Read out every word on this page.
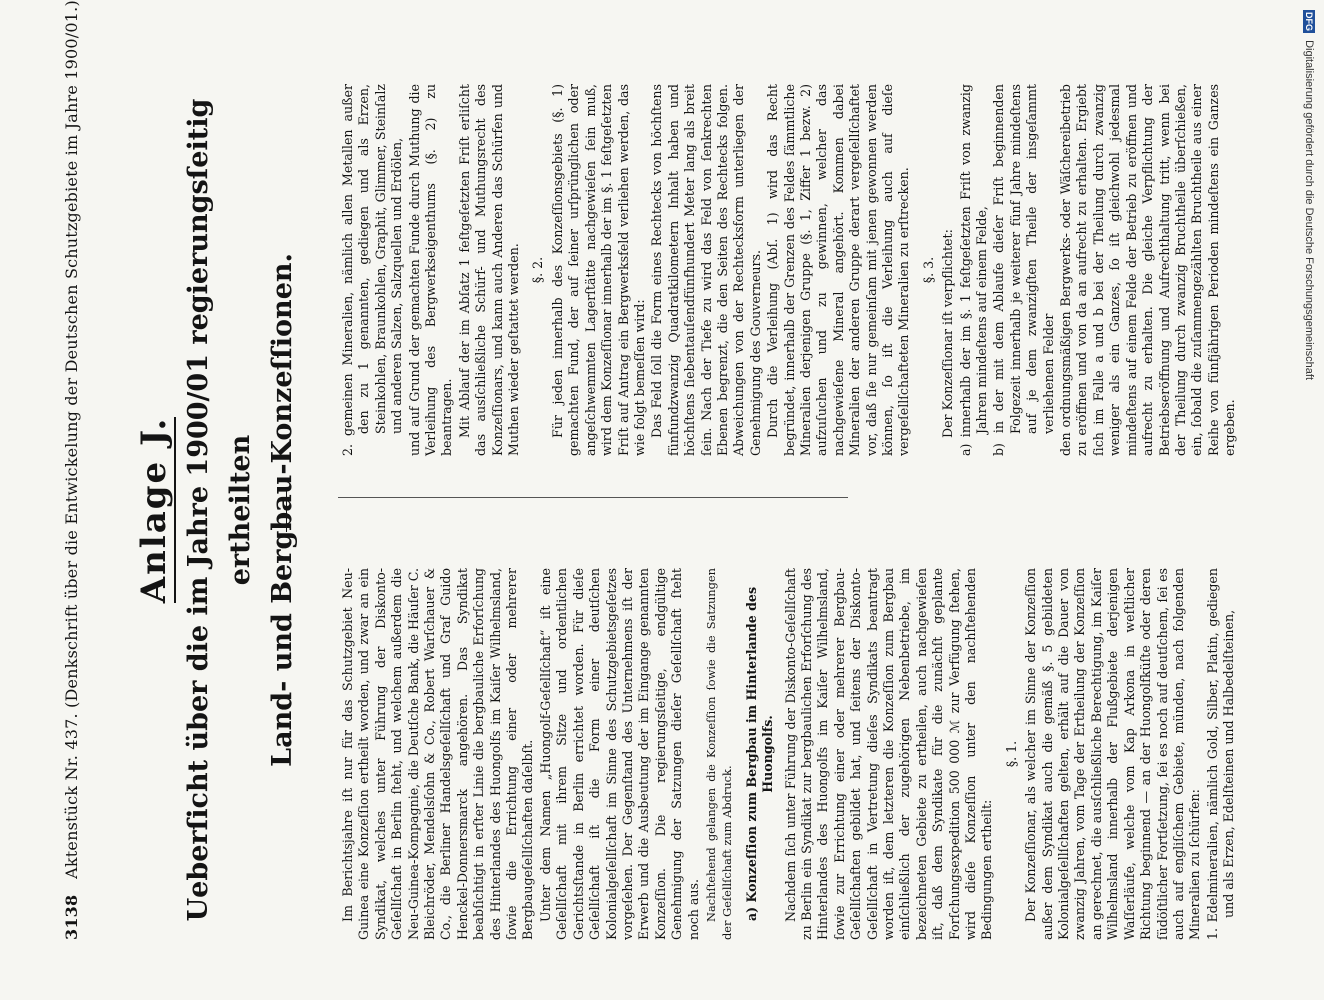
3138 Aktenstück Nr. 437. (Denkschrift über die Entwickelung der Deutschen Schutzgebiete im Jahre 1900/01.) Anlage J. Ueberſicht über die im Jahre 1900/01 regierungsſeitig ertheilten Land- und Bergbau-Konzeſſionen.	Im Berichtsjahre iſt nur für das Schutzgebiet Neu-Guinea eine Konzeſſion ertheilt worden, und zwar an ein Syndikat, welches unter Führung der Diskonto-Geſellſchaft in Berlin ſteht, und welchem außerdem die Neu-Guinea-Kompagnie, die Deutſche Bank, die Häuſer C. Bleichröder, Mendelsſohn & Co., Robert Warſchauer & Co., die Berliner Handelsgeſellſchaft und Graf Guido Henckel-Donnersmarck angehören. Das Syndikat beabſichtigt in erſter Linie die bergbauliche Erforſchung des Hinterlandes des Huongolfs im Kaiſer Wilhelmsland, ſowie die Errichtung einer oder mehrerer Bergbaugeſellſchaften daſelbſt. Unter dem Namen „Huongolf-Geſellſchaft“ iſt eine Geſellſchaft mit ihrem Sitze und ordentlichen Gerichtsſtande in Berlin errichtet worden. Für dieſe Geſellſchaft iſt die Form einer deutſchen Kolonialgeſellſchaft im Sinne des Schutzgebietsgeſetzes vorgeſehen. Der Gegenſtand des Unternehmens iſt der Erwerb und die Ausbeutung der im Eingange genannten Konzeſſion. Die regierungsſeitige, endgültige Genehmigung der Satzungen dieſer Geſellſchaft ſteht noch aus. Nachſtehend gelangen die Konzeſſion ſowie die Satzungen der Geſellſchaft zum Abdruck. a) Konzeſſion zum Bergbau im Hinterlande des Huongolfs. Nachdem ſich unter Führung der Diskonto-Geſellſchaft zu Berlin ein Syndikat zur bergbaulichen Erforſchung des Hinterlandes des Huongolfs im Kaiſer Wilhelmsland, ſowie zur Errichtung einer oder mehrerer Bergbau-Geſellſchaften gebildet hat, und ſeitens der Diskonto-Geſellſchaft in Vertretung dieſes Syndikats beantragt worden iſt, dem letzteren die Konzeſſion zum Bergbau einſchließlich der zugehörigen Nebenbetriebe, im bezeichneten Gebiete zu ertheilen, auch nachgewieſen iſt, daß dem Syndikate für die zunächſt geplante Forſchungsexpedition 500 000 ℳ zur Verfügung ſtehen, wird dieſe Konzeſſion unter den nachſtehenden Bedingungen ertheilt:

§. 1. Der Konzeſſionar, als welcher im Sinne der Konzeſſion außer dem Syndikat auch die gemäß §. 5 gebildeten Kolonialgeſellſchaften gelten, erhält auf die Dauer von zwanzig Jahren, vom Tage der Ertheilung der Konzeſſion an gerechnet, die ausſchließliche Berechtigung, im Kaiſer Wilhelmsland innerhalb der Flußgebiete derjenigen Waſſerläufe, welche vom Kap Arkona in weſtlicher Richtung beginnend — an der Huongolfküſte oder deren ſüdöſtlicher Fortſetzung, ſei es noch auf deutſchem, ſei es auch auf engliſchem Gebiete, münden, nach folgenden Mineralien zu ſchürfen: 1. Edelmineralien, nämlich Gold, Silber, Platin, gediegen und als Erzen, Edelſteinen und Halbedelſteinen,

2. gemeinen Mineralien, nämlich allen Metallen außer den zu 1 genannten, gediegen und als Erzen, Steinkohlen, Braunkohlen, Graphit, Glimmer, Steinſalz und anderen Salzen, Salzquellen und Erdölen, und auf Grund der gemachten Funde durch Muthung die Verleihung des Bergwerkseigenthums (§. 2) zu beantragen. Mit Ablauf der im Abſatz 1 feſtgeſetzten Friſt erliſcht das ausſchließliche Schürf- und Muthungsrecht des Konzeſſionars, und kann auch Anderen das Schürfen und Muthen wieder geſtattet werden. §. 2. Für jeden innerhalb des Konzeſſionsgebiets (§. 1) gemachten Fund, der auf ſeiner urſprünglichen oder angeſchwemmten Lagerſtätte nachgewieſen ſein muß, wird dem Konzeſſionar innerhalb der im §. 1 feſtgeſetzten Friſt auf Antrag ein Bergwerksfeld verliehen werden, das wie folgt bemeſſen wird: Das Feld ſoll die Form eines Rechtecks von höchſtens fünfundzwanzig Quadratkilometern Inhalt haben und höchſtens ſiebentauſendfünfhundert Meter lang als breit ſein. Nach der Tiefe zu wird das Feld von ſenkrechten Ebenen begrenzt, die den Seiten des Rechtecks folgen. Abweichungen von der Rechtecksform unterliegen der Genehmigung des Gouverneurs. Durch die Verleihung (Abſ. 1) wird das Recht begründet, innerhalb der Grenzen des Feldes ſämmtliche Mineralien derjenigen Gruppe (§. 1, Ziffer 1 bezw. 2) aufzuſuchen und zu gewinnen, welcher das nachgewieſene Mineral angehört. Kommen dabei Mineralien der anderen Gruppe derart vergeſellſchaftet vor, daß ſie nur gemeinſam mit jenen gewonnen werden können, ſo iſt die Verleihung auch auf dieſe vergeſellſchafteten Mineralien zu erſtrecken. §. 3. Der Konzeſſionar iſt verpflichtet: a) innerhalb der im §. 1 feſtgeſetzten Friſt von zwanzig Jahren mindeſtens auf einem Felde, b) in der mit dem Ablaufe dieſer Friſt beginnenden Folgezeit innerhalb je weiterer fünf Jahre mindeſtens auf je dem zwanzigſten Theile der insgeſammt verliehenen Felder den ordnungsmäßigen Bergwerks- oder Wäſchereibetrieb zu eröffnen und von da an aufrecht zu erhalten. Ergiebt ſich im Falle a und b bei der Theilung durch zwanzig weniger als ein Ganzes, ſo iſt gleichwohl jedesmal mindeſtens auf einem Felde der Betrieb zu eröffnen und aufrecht zu erhalten. Die gleiche Verpflichtung der Betriebseröffnung und Aufrechthaltung tritt, wenn bei der Theilung durch zwanzig Bruchtheile überſchießen, ein, ſobald die zuſammengezählten Bruchtheile aus einer Reihe von fünfjährigen Perioden mindeſtens ein Ganzes ergeben.

DFG Digitalisierung gefördert durch die Deutsche Forschungsgemeinschaft
